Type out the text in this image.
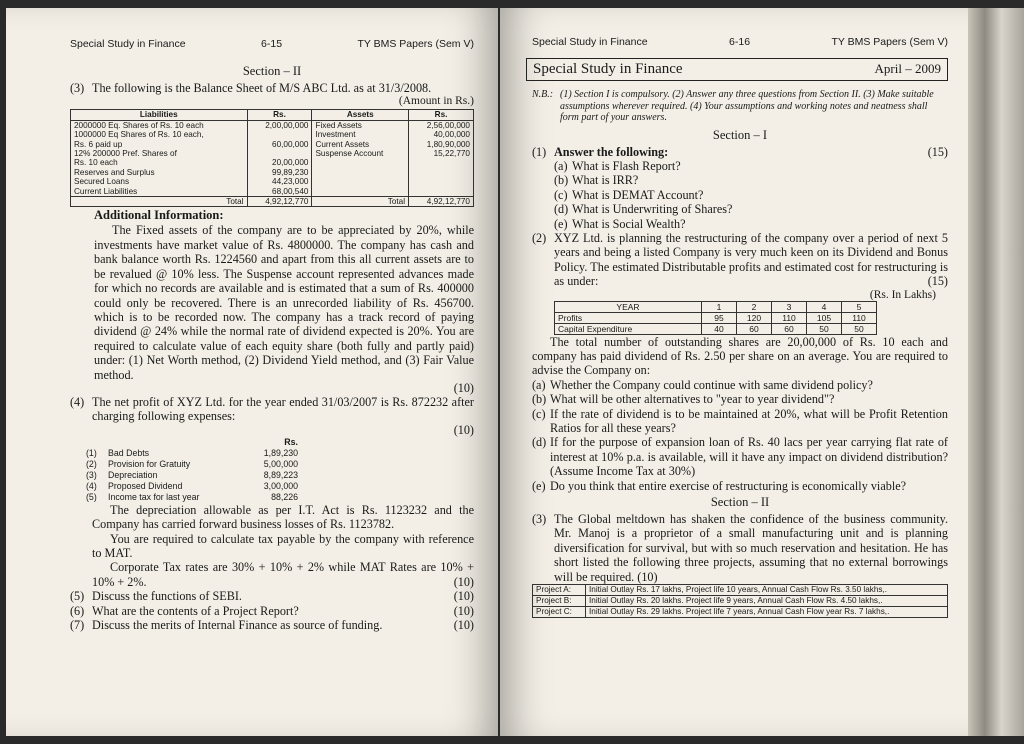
Special Study in Finance	6-15	TY BMS Papers (Sem V)
Section – II
(3) The following is the Balance Sheet of M/S ABC Ltd. as at 31/3/2008.
(Amount in Rs.)
Liabilities	Rs.	Assets	Rs.
2000000 Eq. Shares of Rs. 10 each	2,00,00,000	Fixed Assets	2,56,00,000
1000000 Eq Shares of Rs. 10 each,		Investment	40,00,000
Rs. 6 paid up	60,00,000	Current Assets	1,80,90,000
12% 200000 Pref. Shares of		Suspense Account	15,22,770
Rs. 10 each	20,00,000		
Reserves and Surplus	99,89,230		
Secured Loans	44,23,000		
Current Liabilities	68,00,540		
Total	4,92,12,770	Total	4,92,12,770
Additional Information:

The Fixed assets of the company are to be appreciated by 20%, while investments have market value of Rs. 4800000. The company has cash and bank balance worth Rs. 1224560 and apart from this all current assets are to be revalued @ 10% less. The Suspense account represented advances made for which no records are available and is estimated that a sum of Rs. 400000 could only be recovered. There is an unrecorded liability of Rs. 456700. which is to be recorded now. The company has a track record of paying dividend @ 24% while the normal rate of dividend expected is 20%. You are required to calculate value of each equity share (both fully and partly paid) under: (1) Net Worth method, (2) Dividend Yield method, and (3) Fair Value method.

(10)
(4) The net profit of XYZ Ltd. for the year ended 31/03/2007 is Rs. 872232 after charging following expenses:
(10)
Rs.
(1)	Bad Debts	1,89,230
(2)	Provision for Gratuity	5,00,000
(3)	Depreciation	8,89,223
(4)	Proposed Dividend	3,00,000
(5)	Income tax for last year	88,226

The depreciation allowable as per I.T. Act is Rs. 1123232 and the Company has carried forward business losses of Rs. 1123782.

You are required to calculate tax payable by the company with reference to MAT.

Corporate Tax rates are 30% + 10% + 2% while MAT Rates are 10% + 10% + 2%.	(10)

(5) Discuss the functions of SEBI.	(10)
(6) What are the contents of a Project Report?	(10)
(7) Discuss the merits of Internal Finance as source of funding.	(10)
Special Study in Finance	6-16	TY BMS Papers (Sem V)
Special Study in Finance	April – 2009
N.B.: (1) Section I is compulsory. (2) Answer any three questions from Section II. (3) Make suitable assumptions wherever required. (4) Your assumptions and working notes and neatness shall form part of your answers.
Section – I
(1) Answer the following:	(15)
(a) What is Flash Report?
(b) What is IRR?
(c) What is DEMAT Account?
(d) What is Underwriting of Shares?
(e) What is Social Wealth?
(2) XYZ Ltd. is planning the restructuring of the company over a period of next 5 years and being a listed Company is very much keen on its Dividend and Bonus Policy. The estimated Distributable profits and estimated cost for restructuring is as under:	(15)
(Rs. In Lakhs)
YEAR	1	2	3	4	5
Profits	95	120	110	105	110
Capital Expenditure	40	60	60	50	50

The total number of outstanding shares are 20,00,000 of Rs. 10 each and company has paid dividend of Rs. 2.50 per share on an average. You are required to advise the Company on:

(a) Whether the Company could continue with same dividend policy?
(b) What will be other alternatives to "year to year dividend"?
(c) If the rate of dividend is to be maintained at 20%, what will be Profit Retention Ratios for all these years?
(d) If for the purpose of expansion loan of Rs. 40 lacs per year carrying flat rate of interest at 10% p.a. is available, will it have any impact on dividend distribution? (Assume Income Tax at 30%)
(e) Do you think that entire exercise of restructuring is economically viable?
Section – II
(3) The Global meltdown has shaken the confidence of the business community. Mr. Manoj is a proprietor of a small manufacturing unit and is planning diversification for survival, but with so much reservation and hesitation. He has short listed the following three projects, assuming that no external borrowings will be required. (10)
Project A:	Initial Outlay Rs. 17 lakhs, Project life 10 years, Annual Cash Flow Rs. 3.50 lakhs,.
Project B:	Initial Outlay Rs. 20 lakhs. Project life 9 years, Annual Cash Flow Rs. 4.50 lakhs,.
Project C:	Initial Outlay Rs. 29 lakhs. Project life 7 years, Annual Cash Flow year Rs. 7 lakhs,.
